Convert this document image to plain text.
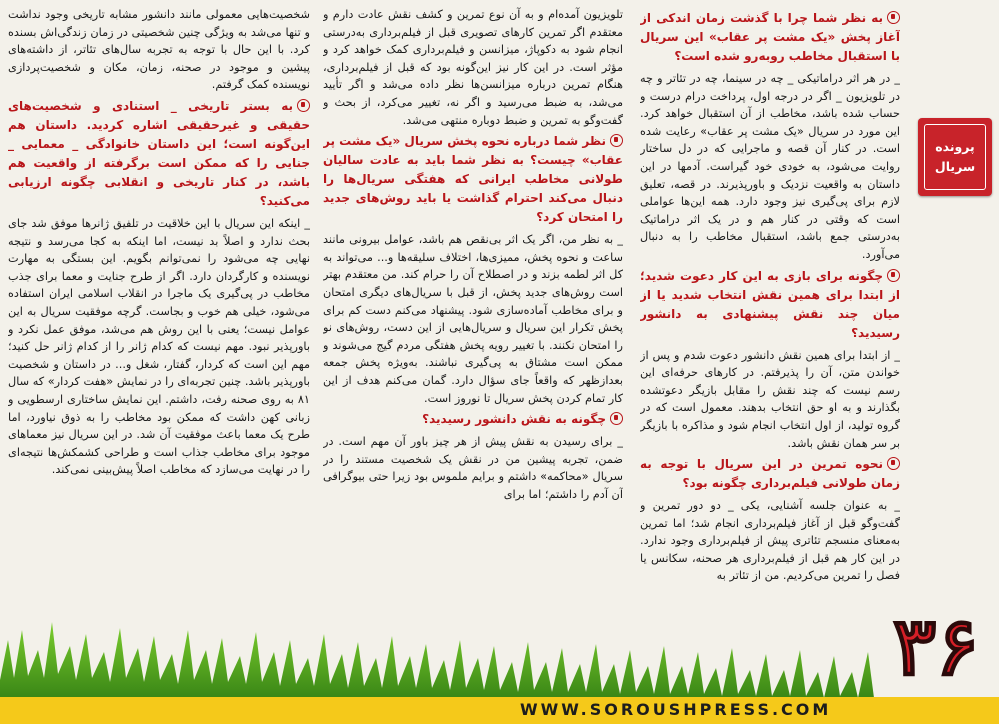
به نظر شما چرا با گذشت زمان اندکی از آغاز پخش «یک مشت پر عقاب» این سریال با استقبال مخاطب روبه‌رو شده است؟
_ در هر اثر دراماتیکی _ چه در سینما، چه در تئاتر و چه در تلویزیون _ اگر در درجه اول، پرداخت درام درست و حساب شده باشد، مخاطب از آن استقبال خواهد کرد. این مورد در سریال «یک مشت پر عقاب» رعایت شده است. در کنار آن قصه و ماجرایی که در دل ساختار روایت می‌شود، به خودی خود گیراست. آدمها در این داستان به واقعیت نزدیک و باورپذیرند. در قصه، تعلیق لازم برای پی‌گیری نیز وجود دارد. همه این‌ها عواملی است که وقتی در کنار هم و در یک اثر دراماتیک به‌درستی جمع باشد، استقبال مخاطب را به دنبال می‌آورد.
چگونه برای بازی به این کار دعوت شدید؛ از ابتدا برای همین نقش انتخاب شدید یا از میان چند نقش پیشنهادی به دانشور رسیدید؟
_ از ابتدا برای همین نقش دانشور دعوت شدم و پس از خواندن متن، آن را پذیرفتم. در کارهای حرفه‌ای این رسم نیست که چند نقش را مقابل بازیگر دعوتشده بگذارند و به او حق انتخاب بدهند. معمول است که در گروه تولید، از اول انتخاب انجام شود و مذاکره با بازیگر بر سر همان نقش باشد.
نحوه تمرین در این سریال با توجه به زمان طولانی فیلم‌برداری چگونه بود؟
_ به عنوان جلسه آشنایی، یکی _ دو دور تمرین و گفت‌وگو قبل از آغاز فیلم‌برداری انجام شد؛ اما تمرین به‌معنای منسجم تئاتری پیش از فیلم‌برداری وجود ندارد. در این کار هم قبل از فیلم‌برداری هر صحنه، سکانس یا فصل را تمرین می‌کردیم. من از تئاتر به
تلویزیون آمده‌ام و به آن نوع تمرین و کشف نقش عادت دارم و معتقدم اگر تمرین کارهای تصویری قبل از فیلم‌برداری به‌درستی انجام شود به دکوپاژ، میزانسن و فیلم‌برداری کمک خواهد کرد و مؤثر است. در این کار نیز این‌گونه بود که قبل از فیلم‌برداری، هنگام تمرین درباره میزانسن‌ها نظر داده می‌شد و اگر تأیید می‌شد، به ضبط می‌رسید و اگر نه، تغییر می‌کرد، از بحث و گفت‌وگو به تمرین و ضبط دوباره منتهی می‌شد.
نظر شما درباره نحوه پخش سریال «یک مشت پر عقاب» چیست؟ به نظر شما باید به عادت سالیان طولانی مخاطب ایرانی که هفتگی سریال‌ها را دنبال می‌کند احترام گذاشت یا باید روش‌های جدید را امتحان کرد؟
_ به نظر من، اگر یک اثر بی‌نقص هم باشد، عوامل بیرونی مانند ساعت و نحوه پخش، ممیزی‌ها، اختلاف سلیقه‌ها و... می‌تواند به کل اثر لطمه بزند و در اصطلاح آن را حرام کند. من معتقدم بهتر است روش‌های جدید پخش، از قبل با سریال‌های دیگری امتحان و برای مخاطب آماده‌سازی شود. پیشنهاد می‌کنم دست کم برای پخش تکرار این سریال و سریال‌هایی از این دست، روش‌های نو را امتحان نکنند. با تغییر رویه پخش هفتگی مردم گیج می‌شوند و ممکن است مشتاق به پی‌گیری نباشند. به‌ویژه پخش جمعه بعدازظهر که واقعاً جای سؤال دارد. گمان می‌کنم هدف از این کار تمام کردن پخش سریال تا نوروز است.
چگونه به نقش دانشور رسیدید؟
_ برای رسیدن به نقش پیش از هر چیز باور آن مهم است. در ضمن، تجربه پیشین من در نقش یک شخصیت مستند را در سریال «محاکمه» داشتم و برایم ملموس بود زیرا حتی بیوگرافی آن آدم را داشتم؛ اما برای
شخصیت‌هایی معمولی مانند دانشور مشابه تاریخی وجود نداشت و تنها می‌شد به ویژگی چنین شخصیتی در زمان زندگی‌اش بسنده کرد. با این حال با توجه به تجربه سال‌های تئاتر، از داشته‌های پیشین و موجود در صحنه، زمان، مکان و شخصیت‌پردازی نویسنده کمک گرفتم.
به بستر تاریخی _ استنادی و شخصیت‌های حقیقی و غیرحقیقی اشاره کردید. داستان هم این‌گونه است؛ این داستان خانوادگی _ معمایی _ جنایی را که ممکن است برگرفته از واقعیت هم باشد، در کنار تاریخی و انقلابی چگونه ارزیابی می‌کنید؟
_ اینکه این سریال با این خلاقیت در تلفیق ژانرها موفق شد جای بحث ندارد و اصلاً بد نیست، اما اینکه به کجا می‌رسد و نتیجه نهایی چه می‌شود را نمی‌توانم بگویم. این بستگی به مهارت نویسنده و کارگردان دارد. اگر از طرح جنایت و معما برای جذب مخاطب در پی‌گیری یک ماجرا در انقلاب اسلامی ایران استفاده می‌شود، خیلی هم خوب و بجاست. گرچه موفقیت سریال به این عوامل نیست؛ یعنی با این روش هم می‌شد، موفق عمل نکرد و باورپذیر نبود. مهم نیست که کدام ژانر را از کدام ژانر حل کنید؛ مهم این است که کردار، گفتار، شغل و... در داستان و شخصیت باورپذیر باشد. چنین تجربه‌ای را در نمایش «هفت کردار» که سال ۸۱ به روی صحنه رفت، داشتم. این نمایش ساختاری ارسطویی و زبانی کهن داشت که ممکن بود مخاطب را به ذوق نیاورد، اما طرح یک معما باعث موفقیت آن شد. در این سریال نیز معماهای موجود برای مخاطب جذاب است و طراحی کشمکش‌ها نتیجه‌ای را در نهایت می‌سازد که مخاطب اصلاً پیش‌بینی نمی‌کند.
پرونده
سریال
۳۶
WWW.SOROUSHPRESS.COM
